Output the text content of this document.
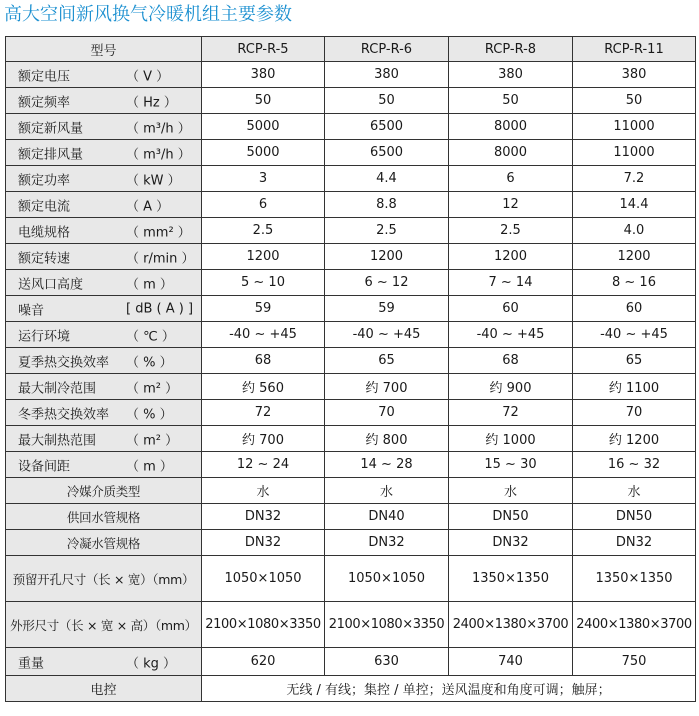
高大空间新风换气冷暖机组主要参数
型号	RCP-R-5	RCP-R-6	RCP-R-8	RCP-R-11

额定电压 （ V ）	380	380	380	380

额定频率 （ Hz ）	50	50	50	50

额定新风量 （ m³/h ）	5000	6500	8000	11000

额定排风量 （ m³/h ）	5000	6500	8000	11000

额定功率 （ kW ）	3	4.4	6	7.2

额定电流 （ A ）	6	8.8	12	14.4

电缆规格 （ mm² ）	2.5	2.5	2.5	4.0

额定转速 （ r/min ）	1200	1200	1200	1200

送风口高度 （ m ）	5 ~ 10	6 ~ 12	7 ~ 14	8 ~ 16

噪音 [ dB ( A ) ]	59	59	60	60

运行环境 （ ℃ ）	-40 ~ +45	-40 ~ +45	-40 ~ +45	-40 ~ +45

夏季热交换效率 （ % ）	68	65	68	65

最大制冷范围 （ m² ）	约 560	约 700	约 900	约 1100

冬季热交换效率 （ % ）	72	70	72	70

最大制热范围 （ m² ）	约 700	约 800	约 1000	约 1200

设备间距 （ m ）	12 ~ 24	14 ~ 28	15 ~ 30	16 ~ 32

冷媒介质类型	水	水	水	水

供回水管规格	DN32	DN40	DN50	DN50

冷凝水管规格	DN32	DN32	DN32	DN32

预留开孔尺寸（长 × 宽）（mm）	1050×1050	1050×1050	1350×1350	1350×1350

外形尺寸（长 × 宽 × 高）（mm）	2100×1080×3350	2100×1080×3350	2400×1380×3700	2400×1380×3700

重量 （ kg ）	620	630	740	750
电控	无线 / 有线；集控 / 单控；送风温度和角度可调；触屏；			
